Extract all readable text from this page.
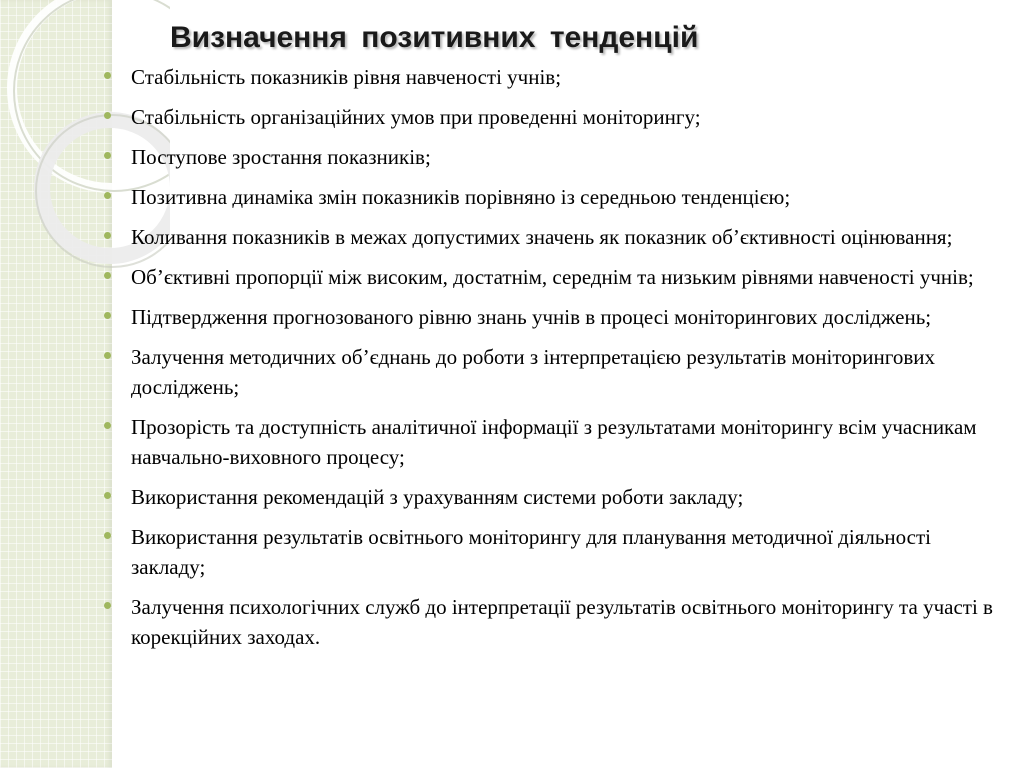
Визначення позитивних тенденцій
Стабільність показників рівня навченості учнів;
Стабільність організаційних умов при проведенні моніторингу;
Поступове зростання показників;
Позитивна динаміка змін показників порівняно із середньою тенденцією;
Коливання показників в межах допустимих значень як показник об’єктивності оцінювання;
Об’єктивні пропорції між високим, достатнім, середнім та низьким рівнями навченості учнів;
Підтвердження прогнозованого рівню знань учнів в процесі моніторингових досліджень;
Залучення методичних об’єднань до роботи з інтерпретацією результатів моніторингових досліджень;
Прозорість та доступність аналітичної інформації з результатами моніторингу всім учасникам навчально-виховного процесу;
Використання рекомендацій з урахуванням системи роботи закладу;
Використання результатів освітнього моніторингу для планування методичної діяльності закладу;
Залучення психологічних служб до інтерпретації результатів освітнього моніторингу та участі в корекційних заходах.
